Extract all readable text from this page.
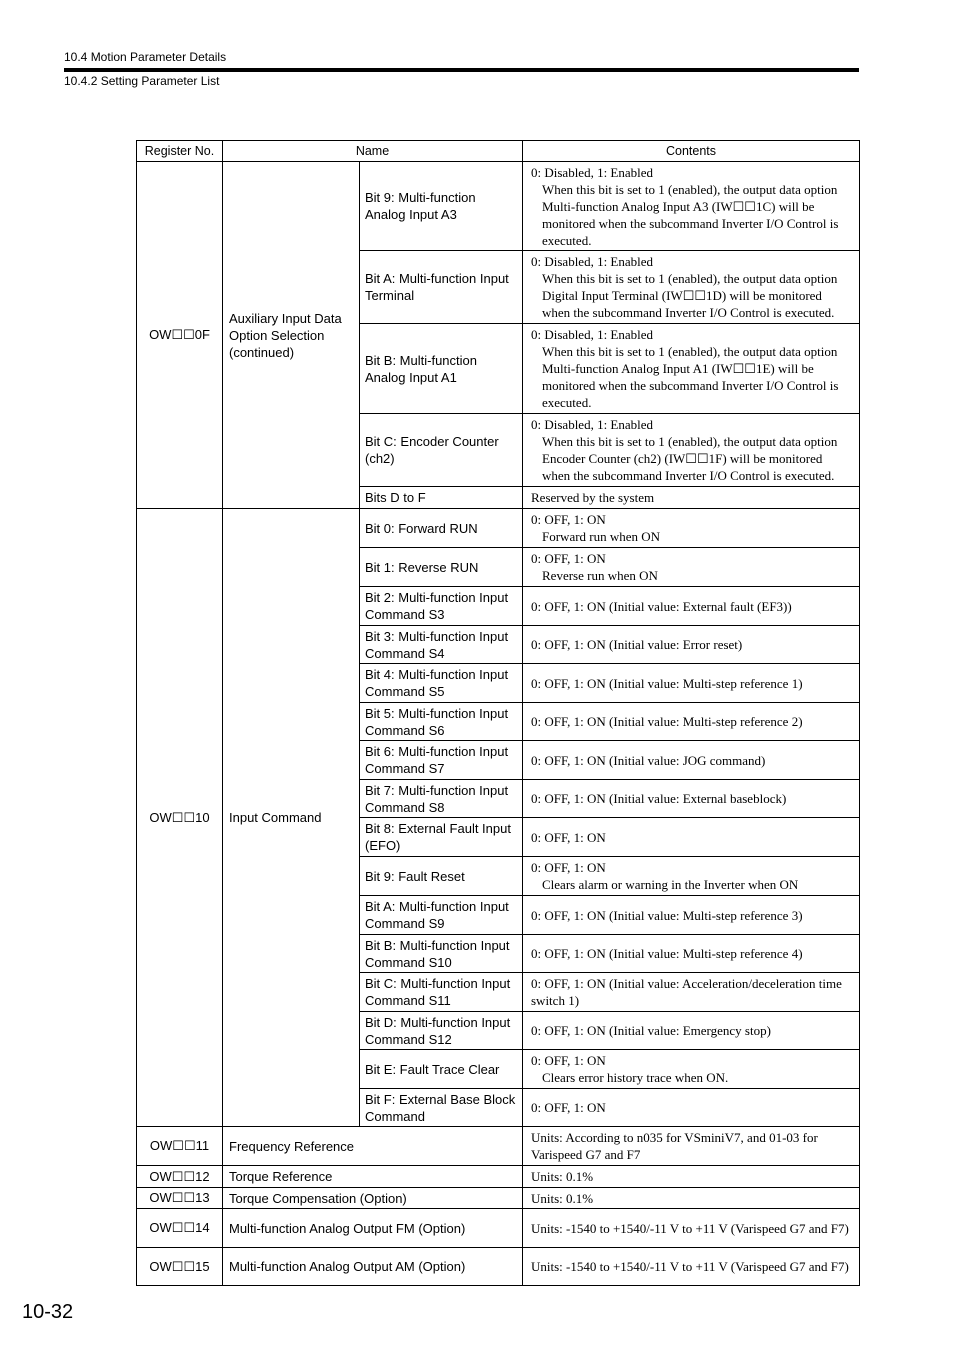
10.4 Motion Parameter Details
10.4.2 Setting Parameter List
Register No.	Name		Contents
OW☐☐0F	Auxiliary Input Data Option Selection (continued)	Bit 9: Multi-function Analog Input A3	0: Disabled, 1: Enabled
When this bit is set to 1 (enabled), the output data option Multi-function Analog Input A3 (IW☐☐1C) will be monitored when the subcommand Inverter I/O Control is executed.

		Bit A: Multi-function Input Terminal	0: Disabled, 1: Enabled
When this bit is set to 1 (enabled), the output data option Digital Input Terminal (IW☐☐1D) will be monitored when the subcommand Inverter I/O Control is executed.

		Bit B: Multi-function Analog Input A1	0: Disabled, 1: Enabled
When this bit is set to 1 (enabled), the output data option Multi-function Analog Input A1 (IW☐☐1E) will be monitored when the subcommand Inverter I/O Control is executed.

		Bit C: Encoder Counter (ch2)	0: Disabled, 1: Enabled
When this bit is set to 1 (enabled), the output data option Encoder Counter (ch2) (IW☐☐1F) will be monitored when the subcommand Inverter I/O Control is executed.

		Bits D to F	Reserved by the system
OW☐☐10	Input Command	Bit 0: Forward RUN	0: OFF, 1: ON
Forward run when ON

		Bit 1: Reverse RUN	0: OFF, 1: ON
Reverse run when ON

		Bit 2: Multi-function Input Command S3	0: OFF, 1: ON (Initial value: External fault (EF3))
		Bit 3: Multi-function Input Command S4	0: OFF, 1: ON (Initial value: Error reset)
		Bit 4: Multi-function Input Command S5	0: OFF, 1: ON (Initial value: Multi-step reference 1)
		Bit 5: Multi-function Input Command S6	0: OFF, 1: ON (Initial value: Multi-step reference 2)
		Bit 6: Multi-function Input Command S7	0: OFF, 1: ON (Initial value: JOG command)
		Bit 7: Multi-function Input Command S8	0: OFF, 1: ON (Initial value: External baseblock)
		Bit 8: External Fault Input (EFO)	0: OFF, 1: ON
		Bit 9: Fault Reset	0: OFF, 1: ON
Clears alarm or warning in the Inverter when ON

		Bit A: Multi-function Input Command S9	0: OFF, 1: ON (Initial value: Multi-step reference 3)
		Bit B: Multi-function Input Command S10	0: OFF, 1: ON (Initial value: Multi-step reference 4)
		Bit C: Multi-function Input Command S11	0: OFF, 1: ON (Initial value: Acceleration/deceleration time switch 1)
		Bit D: Multi-function Input Command S12	0: OFF, 1: ON (Initial value: Emergency stop)
		Bit E: Fault Trace Clear	0: OFF, 1: ON
Clears error history trace when ON.

		Bit F: External Base Block Command	0: OFF, 1: ON
OW☐☐11	Frequency Reference		Units: According to n035 for VSminiV7, and 01-03 for Varispeed G7 and F7
OW☐☐12	Torque Reference		Units: 0.1%
OW☐☐13	Torque Compensation (Option)		Units: 0.1%
OW☐☐14	Multi-function Analog Output FM (Option)		Units: -1540 to +1540/-11 V to +11 V (Varispeed G7 and F7)
OW☐☐15	Multi-function Analog Output AM (Option)		Units: -1540 to +1540/-11 V to +11 V (Varispeed G7 and F7)
10-32
